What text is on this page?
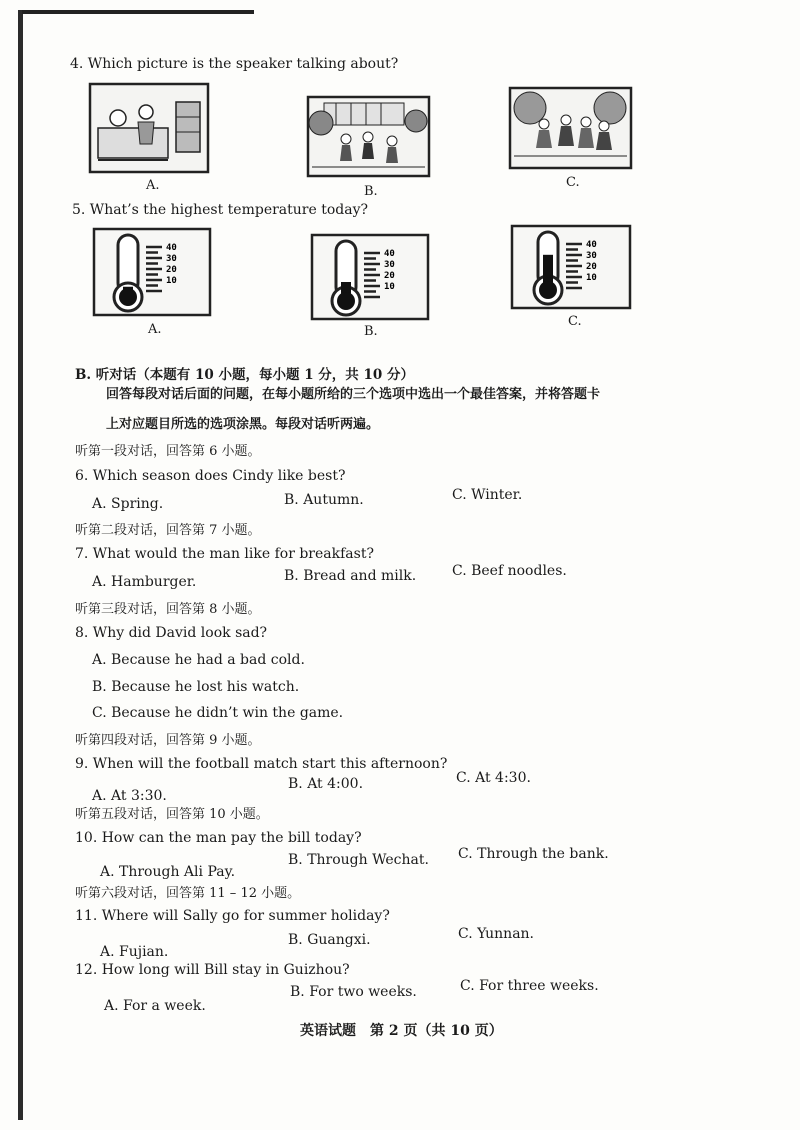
4. Which picture is the speaker talking about?
A.	B.
C.
5. What’s the highest temperature today?
40
30
20
10
A.
40
30
20
10
B.
40
30
20
10
C.
B. 听对话（本题有 10 小题，每小题 1 分，共 10 分）
回答每段对话后面的问题，在每小题所给的三个选项中选出一个最佳答案，并将答题卡
上对应题目所选的选项涂黑。每段对话听两遍。
听第一段对话，回答第 6 小题。
6. Which season does Cindy like best?
A. Spring.	B. Autumn.	C. Winter.
听第二段对话，回答第 7 小题。
7. What would the man like for breakfast?
A. Hamburger.	B. Bread and milk.	C. Beef noodles.
听第三段对话，回答第 8 小题。
8. Why did David look sad?
A. Because he had a bad cold.
B. Because he lost his watch.
C. Because he didn’t win the game.
听第四段对话，回答第 9 小题。
9. When will the football match start this afternoon?
A. At 3:30.
B. At 4:00.	C. At 4:30.
听第五段对话，回答第 10 小题。
10. How can the man pay the bill today?
A. Through Ali Pay.
B. Through Wechat. C. Through the bank.
听第六段对话，回答第 11 – 12 小题。
11. Where will Sally go for summer holiday?
A. Fujian.
B. Guangxi.	C. Yunnan.
12. How long will Bill stay in Guizhou?
A. For a week.
B. For two weeks.	C. For three weeks.
英语试题　第 2 页（共 10 页）
